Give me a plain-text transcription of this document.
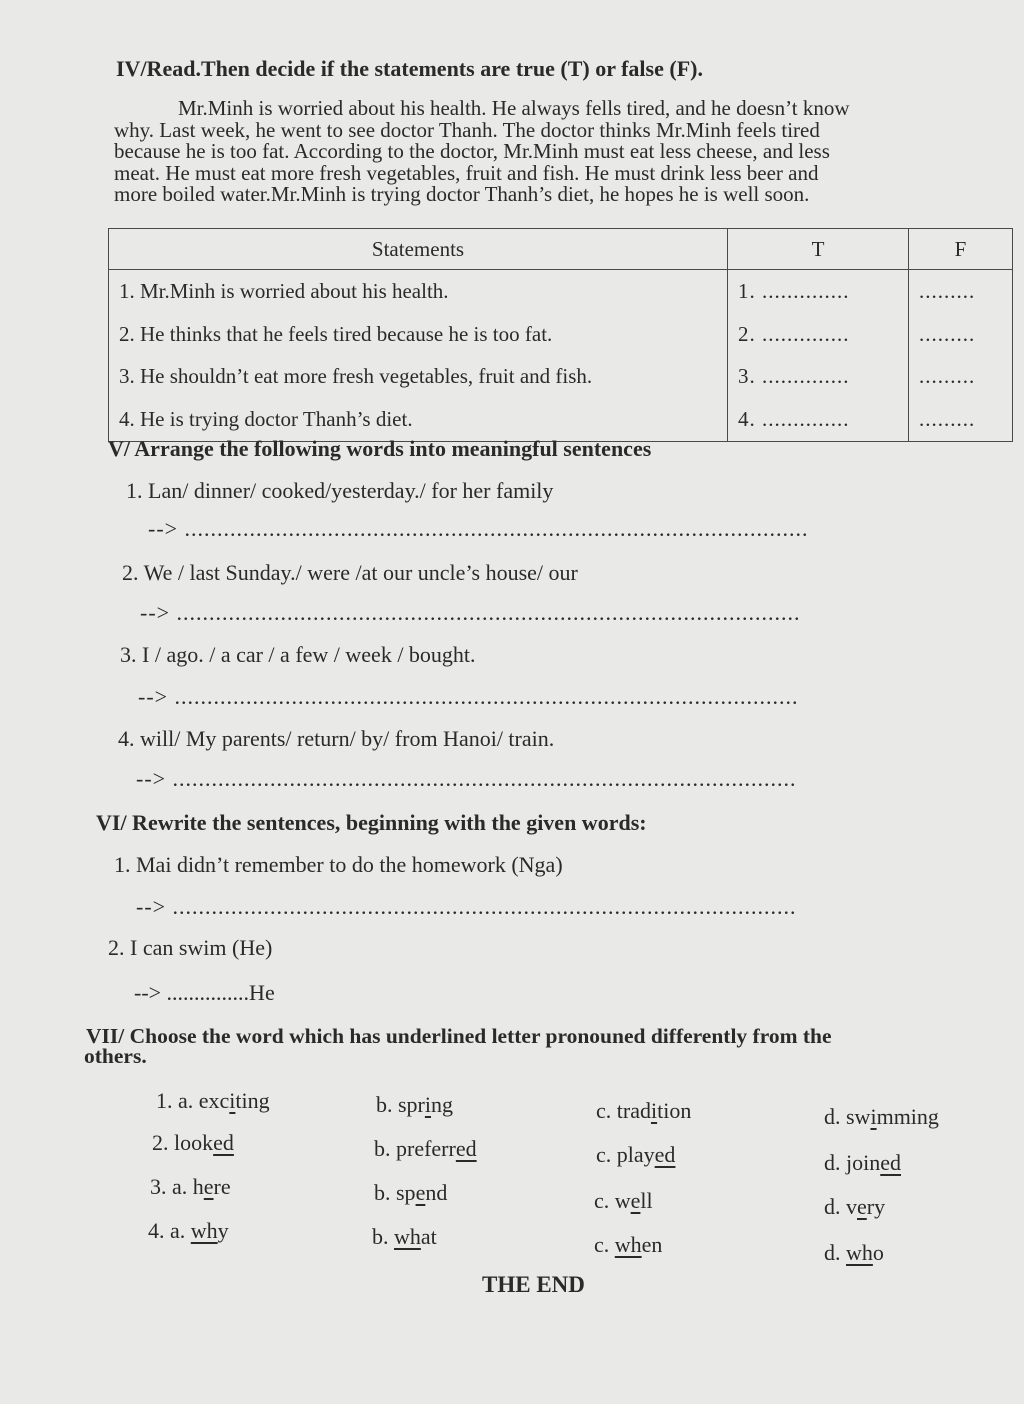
IV/Read.Then decide if the statements are true (T) or false (F).
Mr.Minh is worried about his health. He always fells tired, and he doesn’t know
why. Last week, he went to see doctor Thanh. The doctor thinks Mr.Minh feels tired
because he is too fat. According to the doctor, Mr.Minh must eat less cheese, and less
meat. He must eat more fresh vegetables, fruit and fish. He must drink less beer and
more boiled water.Mr.Minh is trying doctor Thanh’s diet, he hopes he is well soon.
Statements	T	F
1. Mr.Minh is worried about his health.	1. ..............	.........
2. He thinks that he feels tired because he is too fat.	2. ..............	.........
3. He shouldn’t eat more fresh vegetables, fruit and fish.	3. ..............	.........
4. He is trying doctor Thanh’s diet.	4. ..............	.........
V/ Arrange the following words into meaningful sentences
1. Lan/ dinner/ cooked/yesterday./ for her family
--> ................................................................................................
2. We / last Sunday./ were /at our uncle’s house/ our
--> ................................................................................................
3. I / ago. / a car / a few / week / bought.
--> ................................................................................................
4. will/ My parents/ return/ by/ from Hanoi/ train.
--> ................................................................................................
VI/ Rewrite the sentences, beginning with the given words:
1. Mai didn’t remember to do the homework (Nga)
--> ................................................................................................
2. I can swim (He)
--> ...............He
VII/ Choose the word which has underlined letter pronouned differently from the
others.
1. a. exciting	b. spring	c. tradition	d. swimming
2. looked	b. preferred	c. played	d. joined
3. a. here	b. spend	c. well	d. very
4. a. why	b. what	c. when	d. who
THE END
